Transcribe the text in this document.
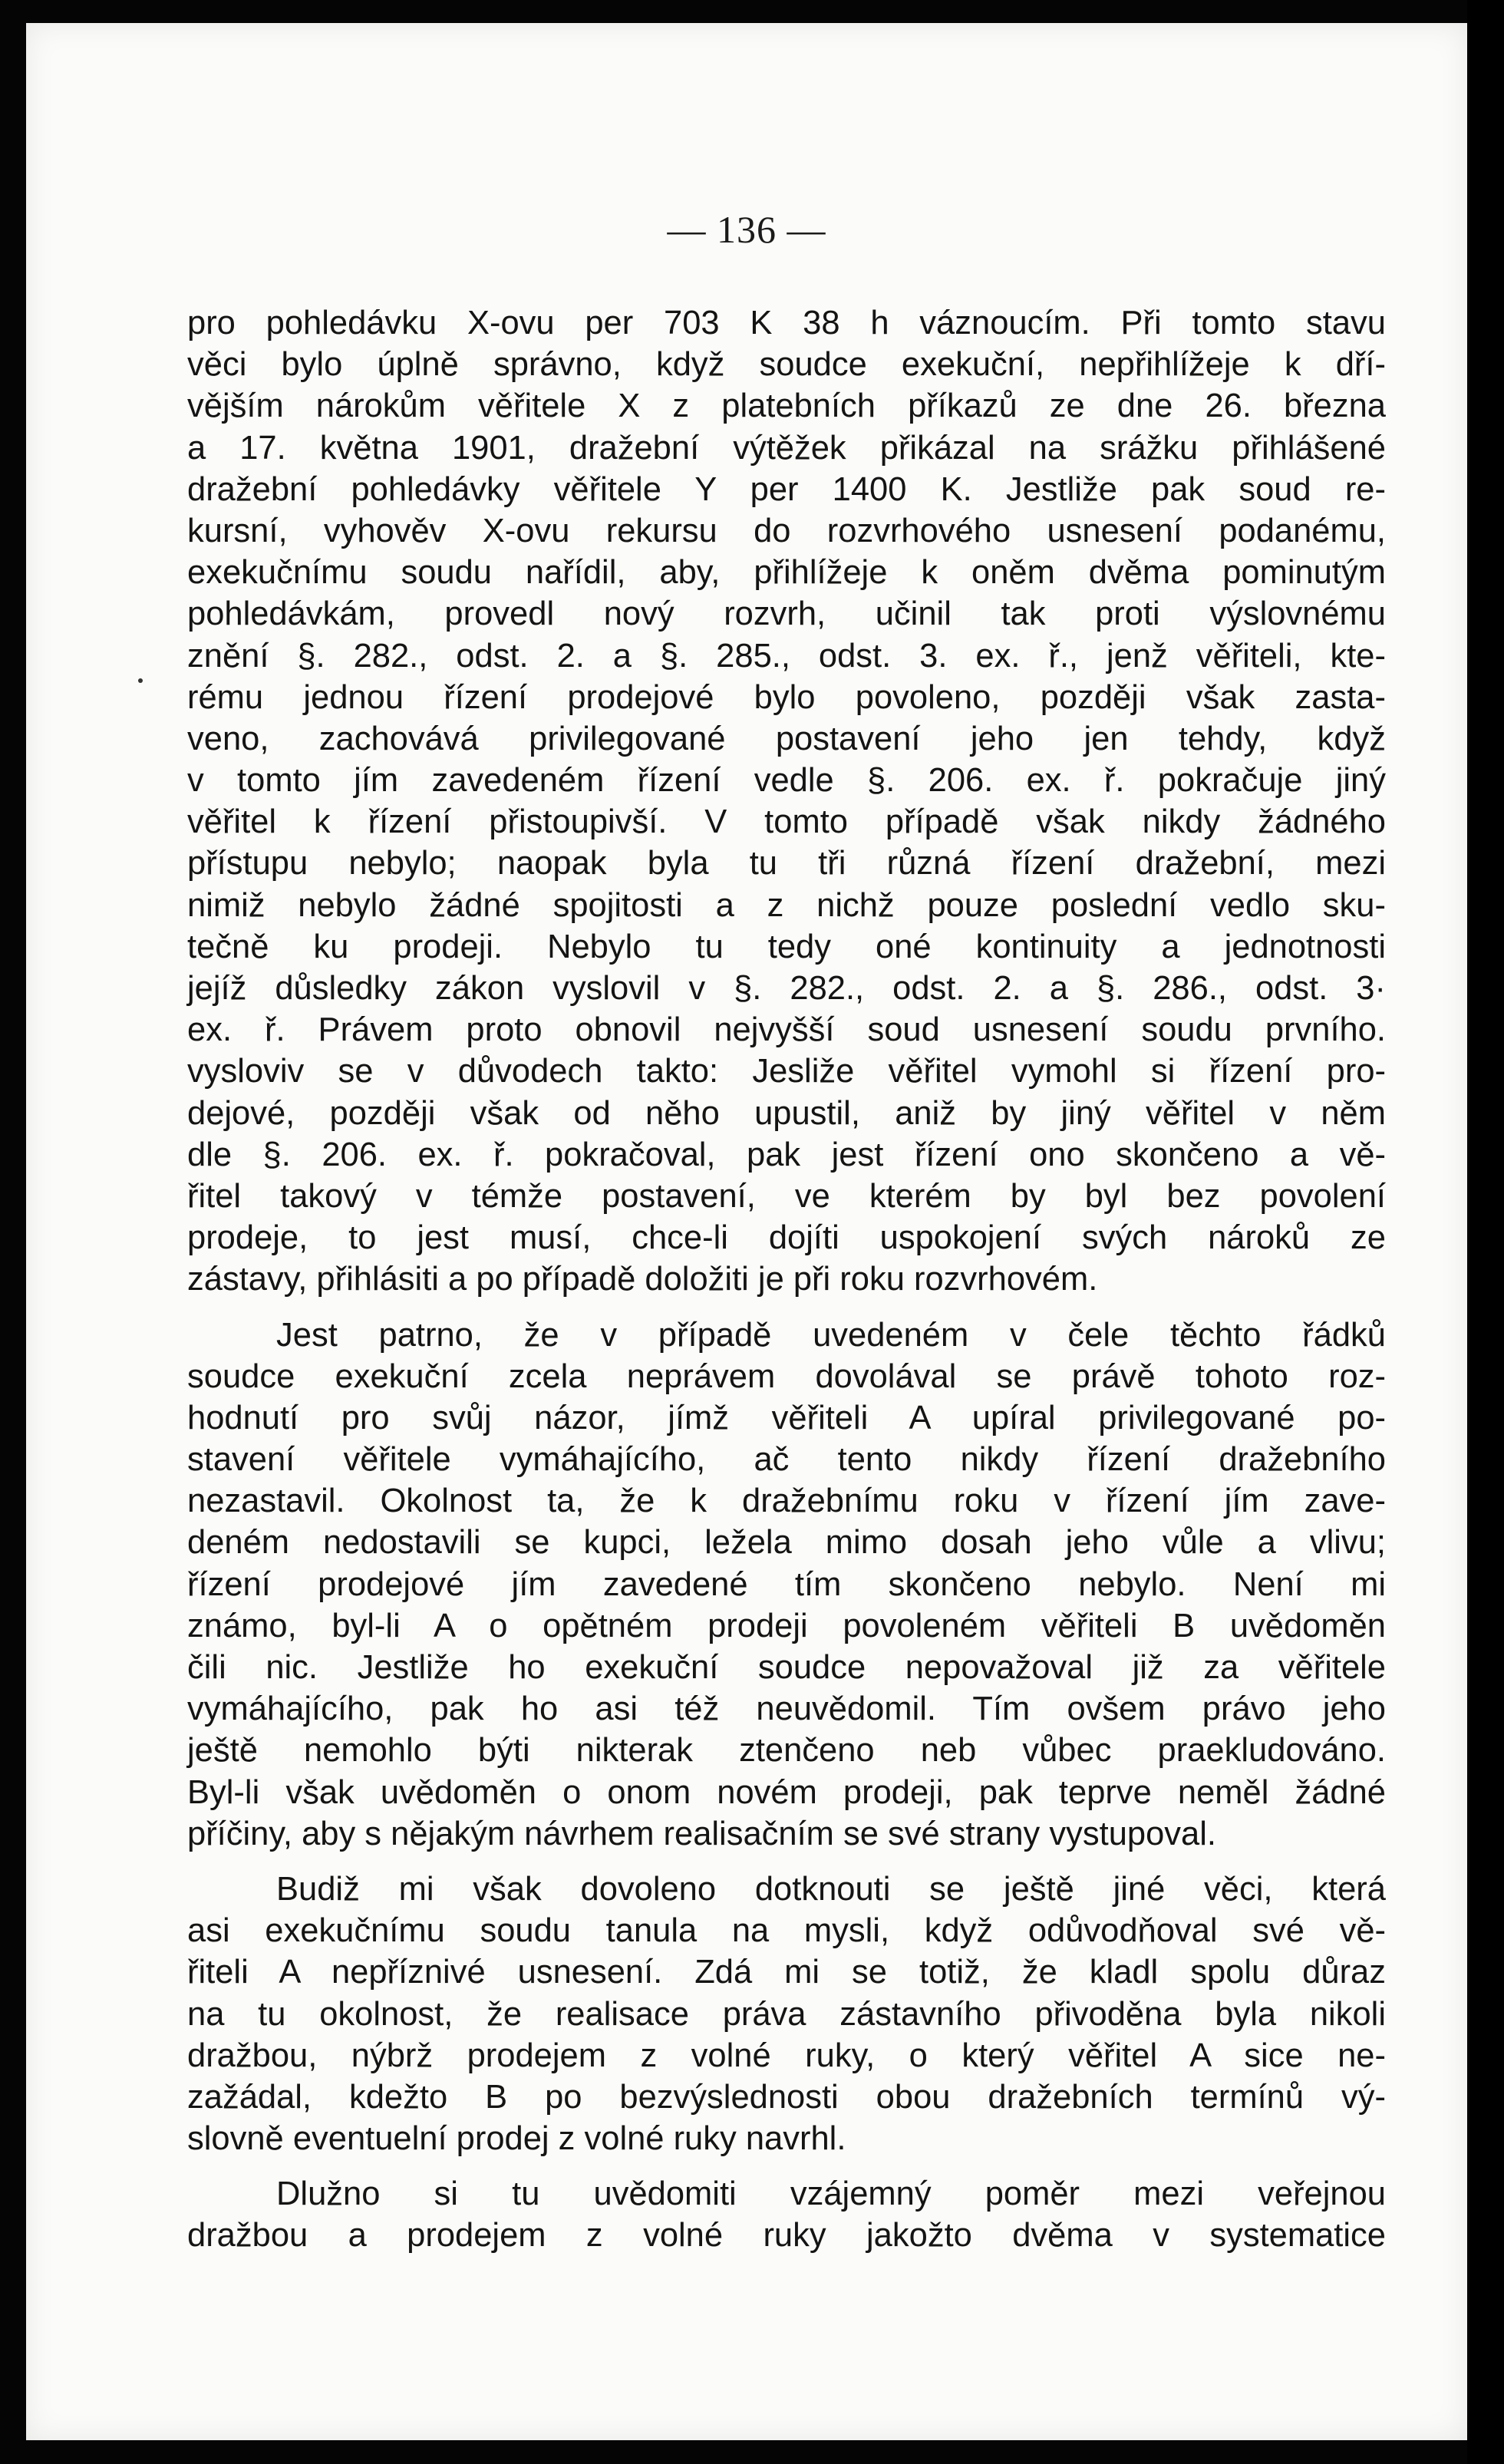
— 136 —
pro pohledávku X-ovu per 703 K 38 h váznoucím. Při tomto stavu
věci bylo úplně správno, když soudce exekuční, nepřihlížeje k dří-
vějším nárokům věřitele X z platebních příkazů ze dne 26. března
a 17. května 1901, dražební výtěžek přikázal na srážku přihlášené
dražební pohledávky věřitele Y per 1400 K. Jestliže pak soud re-
kursní, vyhověv X-ovu rekursu do rozvrhového usnesení podanému,
exekučnímu soudu nařídil, aby, přihlížeje k oněm dvěma pominutým
pohledávkám, provedl nový rozvrh, učinil tak proti výslovnému
znění §. 282., odst. 2. a §. 285., odst. 3. ex. ř., jenž věřiteli, kte-
rému jednou řízení prodejové bylo povoleno, později však zasta-
veno, zachovává privilegované postavení jeho jen tehdy, když
v tomto jím zavedeném řízení vedle §. 206. ex. ř. pokračuje jiný
věřitel k řízení přistoupivší. V tomto případě však nikdy žádného
přístupu nebylo; naopak byla tu tři různá řízení dražební, mezi
nimiž nebylo žádné spojitosti a z nichž pouze poslední vedlo sku-
tečně ku prodeji. Nebylo tu tedy oné kontinuity a jednotnosti
jejíž důsledky zákon vyslovil v §. 282., odst. 2. a §. 286., odst. 3·
ex. ř. Právem proto obnovil nejvyšší soud usnesení soudu prvního.
vysloviv se v důvodech takto: Jesliže věřitel vymohl si řízení pro-
dejové, později však od něho upustil, aniž by jiný věřitel v něm
dle §. 206. ex. ř. pokračoval, pak jest řízení ono skončeno a vě-
řitel takový v témže postavení, ve kterém by byl bez povolení
prodeje, to jest musí, chce-li dojíti uspokojení svých nároků ze
zástavy, přihlásiti a po případě doložiti je při roku rozvrhovém.
Jest patrno, že v případě uvedeném v čele těchto řádků
soudce exekuční zcela neprávem dovolával se právě tohoto roz-
hodnutí pro svůj názor, jímž věřiteli A upíral privilegované po-
stavení věřitele vymáhajícího, ač tento nikdy řízení dražebního
nezastavil. Okolnost ta, že k dražebnímu roku v řízení jím zave-
deném nedostavili se kupci, ležela mimo dosah jeho vůle a vlivu;
řízení prodejové jím zavedené tím skončeno nebylo. Není mi
známo, byl-li A o opětném prodeji povoleném věřiteli B uvědoměn
čili nic. Jestliže ho exekuční soudce nepovažoval již za věřitele
vymáhajícího, pak ho asi též neuvědomil. Tím ovšem právo jeho
ještě nemohlo býti nikterak ztenčeno neb vůbec praekludováno.
Byl-li však uvědoměn o onom novém prodeji, pak teprve neměl žádné
příčiny, aby s nějakým návrhem realisačním se své strany vystupoval.
Budiž mi však dovoleno dotknouti se ještě jiné věci, která
asi exekučnímu soudu tanula na mysli, když odůvodňoval své vě-
řiteli A nepříznivé usnesení. Zdá mi se totiž, že kladl spolu důraz
na tu okolnost, že realisace práva zástavního přivoděna byla nikoli
dražbou, nýbrž prodejem z volné ruky, o který věřitel A sice ne-
zažádal, kdežto B po bezvýslednosti obou dražebních termínů vý-
slovně eventuelní prodej z volné ruky navrhl.
Dlužno si tu uvědomiti vzájemný poměr mezi veřejnou
dražbou a prodejem z volné ruky jakožto dvěma v systematice
